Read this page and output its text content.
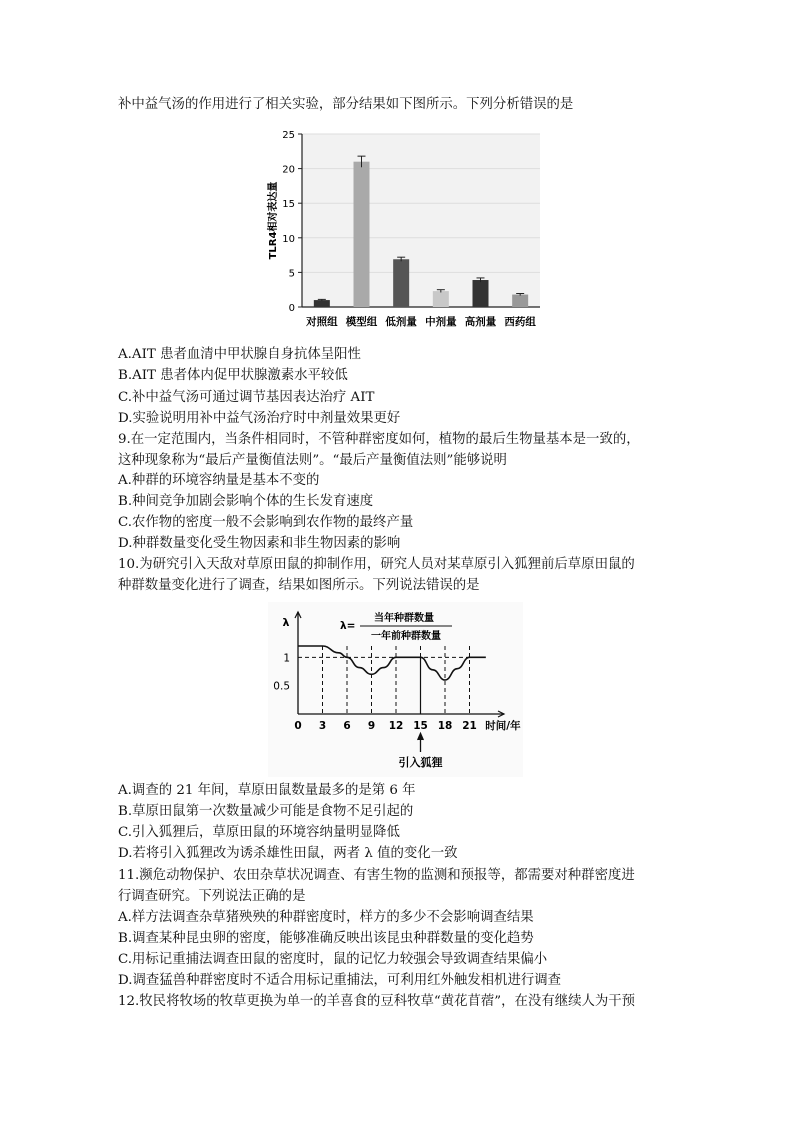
补中益气汤的作用进行了相关实验，部分结果如下图所示。下列分析错误的是
0
5
10
15
20
25
TLR4相对表达量
对照组 模型组 低剂量 中剂量 高剂量 西药组
A.AIT 患者血清中甲状腺自身抗体呈阳性
B.AIT 患者体内促甲状腺激素水平较低
C.补中益气汤可通过调节基因表达治疗 AIT
D.实验说明用补中益气汤治疗时中剂量效果更好
9.在一定范围内，当条件相同时，不管种群密度如何，植物的最后生物量基本是一致的，
这种现象称为“最后产量衡值法则”。“最后产量衡值法则”能够说明
A.种群的环境容纳量是基本不变的
B.种间竞争加剧会影响个体的生长发育速度
C.农作物的密度一般不会影响到农作物的最终产量
D.种群数量变化受生物因素和非生物因素的影响
10.为研究引入天敌对草原田鼠的抑制作用，研究人员对某草原引入狐狸前后草原田鼠的
种群数量变化进行了调查，结果如图所示。下列说法错误的是
λ
1
0.5
0 3 6 9 12 15 18 21 时间/年
λ=
当年种群数量
一年前种群数量
引入狐狸
A.调查的 21 年间，草原田鼠数量最多的是第 6 年
B.草原田鼠第一次数量减少可能是食物不足引起的
C.引入狐狸后，草原田鼠的环境容纳量明显降低
D.若将引入狐狸改为诱杀雄性田鼠，两者 λ 值的变化一致
11.濒危动物保护、农田杂草状况调查、有害生物的监测和预报等，都需要对种群密度进
行调查研究。下列说法正确的是
A.样方法调查杂草猪殃殃的种群密度时，样方的多少不会影响调查结果
B.调查某种昆虫卵的密度，能够准确反映出该昆虫种群数量的变化趋势
C.用标记重捕法调查田鼠的密度时，鼠的记忆力较强会导致调查结果偏小
D.调查猛兽种群密度时不适合用标记重捕法，可利用红外触发相机进行调查
12.牧民将牧场的牧草更换为单一的羊喜食的豆科牧草“黄花苜蓿”，在没有继续人为干预
